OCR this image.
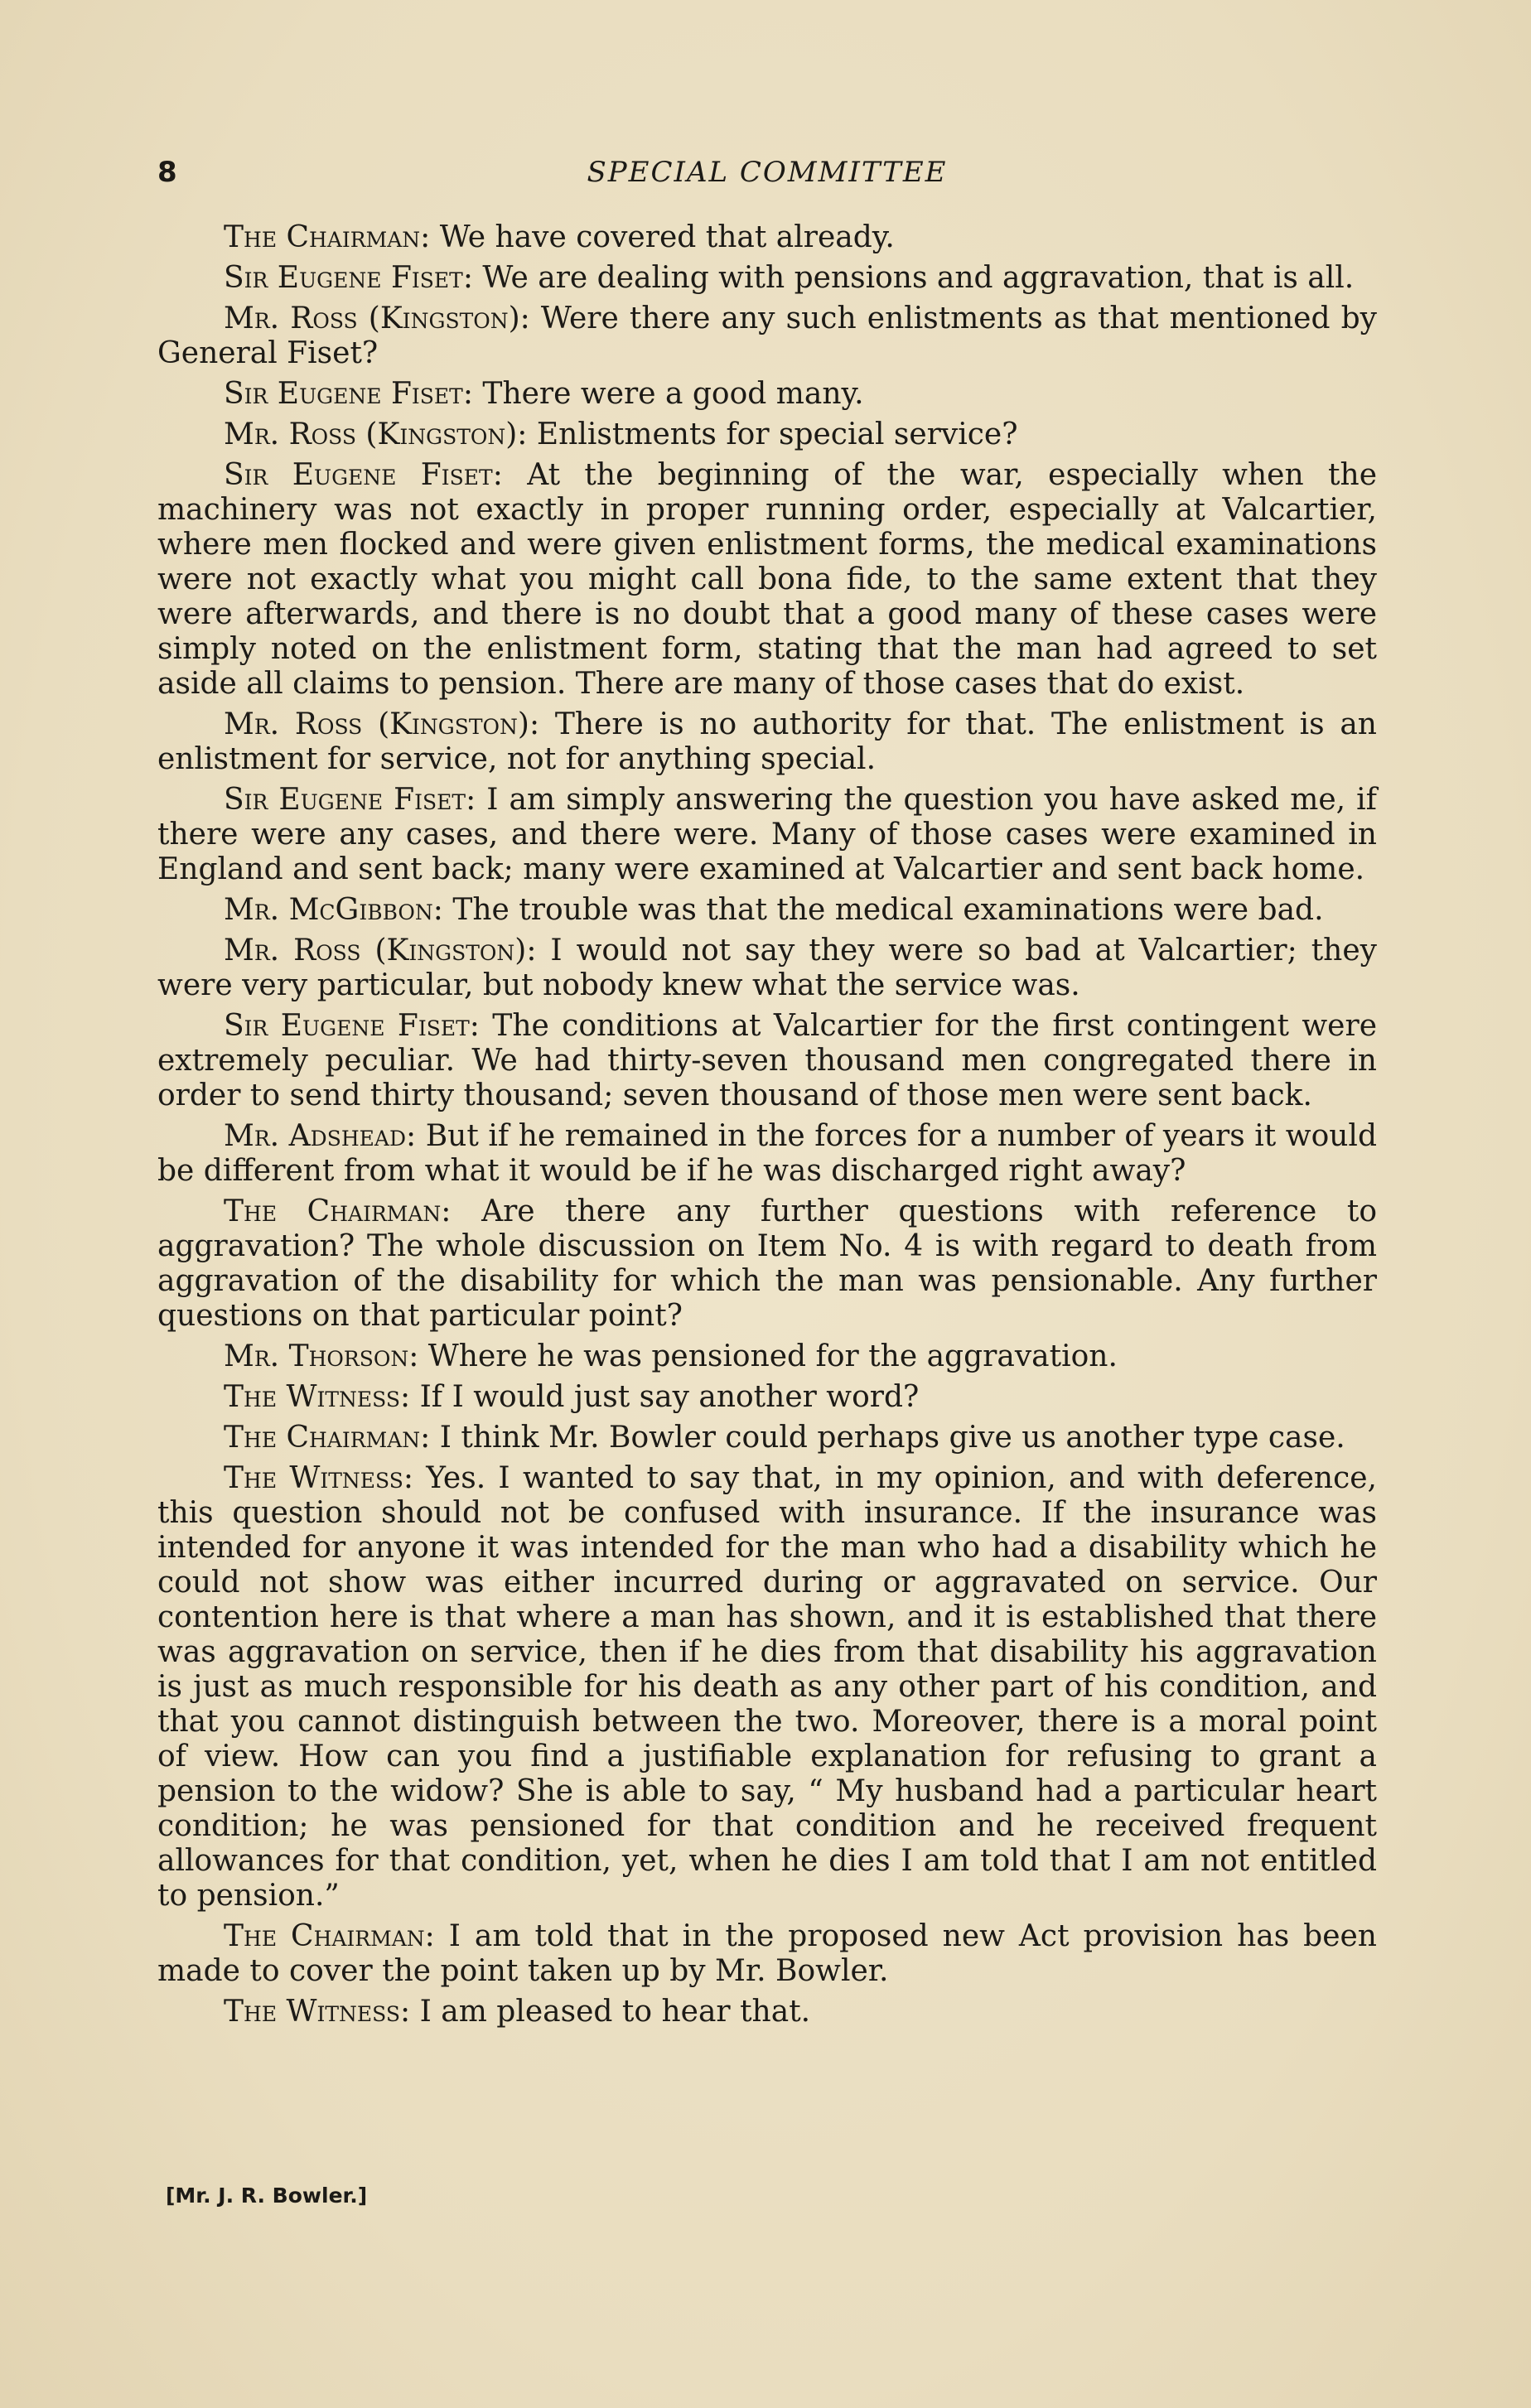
8	SPECIAL COMMITTEE

The Chairman: We have covered that already.

Sir Eugene Fiset: We are dealing with pensions and aggravation, that is all.

Mr. Ross (Kingston): Were there any such enlistments as that mentioned by General Fiset?

Sir Eugene Fiset: There were a good many.

Mr. Ross (Kingston): Enlistments for special service?

Sir Eugene Fiset: At the beginning of the war, especially when the machinery was not exactly in proper running order, especially at Valcartier, where men flocked and were given enlistment forms, the medical examinations were not exactly what you might call bona fide, to the same extent that they were afterwards, and there is no doubt that a good many of these cases were simply noted on the enlistment form, stating that the man had agreed to set aside all claims to pension. There are many of those cases that do exist.

Mr. Ross (Kingston): There is no authority for that. The enlistment is an enlistment for service, not for anything special.

Sir Eugene Fiset: I am simply answering the question you have asked me, if there were any cases, and there were. Many of those cases were examined in England and sent back; many were examined at Valcartier and sent back home.

Mr. McGibbon: The trouble was that the medical examinations were bad.

Mr. Ross (Kingston): I would not say they were so bad at Valcartier; they were very particular, but nobody knew what the service was.

Sir Eugene Fiset: The conditions at Valcartier for the first contingent were extremely peculiar. We had thirty-seven thousand men congregated there in order to send thirty thousand; seven thousand of those men were sent back.

Mr. Adshead: But if he remained in the forces for a number of years it would be different from what it would be if he was discharged right away?

The Chairman: Are there any further questions with reference to aggravation? The whole discussion on Item No. 4 is with regard to death from aggravation of the disability for which the man was pensionable. Any further questions on that particular point?

Mr. Thorson: Where he was pensioned for the aggravation.

The Witness: If I would just say another word?

The Chairman: I think Mr. Bowler could perhaps give us another type case.

The Witness: Yes. I wanted to say that, in my opinion, and with deference, this question should not be confused with insurance. If the insurance was intended for anyone it was intended for the man who had a disability which he could not show was either incurred during or aggravated on service. Our contention here is that where a man has shown, and it is established that there was aggravation on service, then if he dies from that disability his aggravation is just as much responsible for his death as any other part of his condition, and that you cannot distinguish between the two. Moreover, there is a moral point of view. How can you find a justifiable explanation for refusing to grant a pension to the widow? She is able to say, “ My husband had a particular heart condition; he was pensioned for that condition and he received frequent allowances for that condition, yet, when he dies I am told that I am not entitled to pension.”

The Chairman: I am told that in the proposed new Act provision has been made to cover the point taken up by Mr. Bowler.

The Witness: I am pleased to hear that.

[Mr. J. R. Bowler.]
